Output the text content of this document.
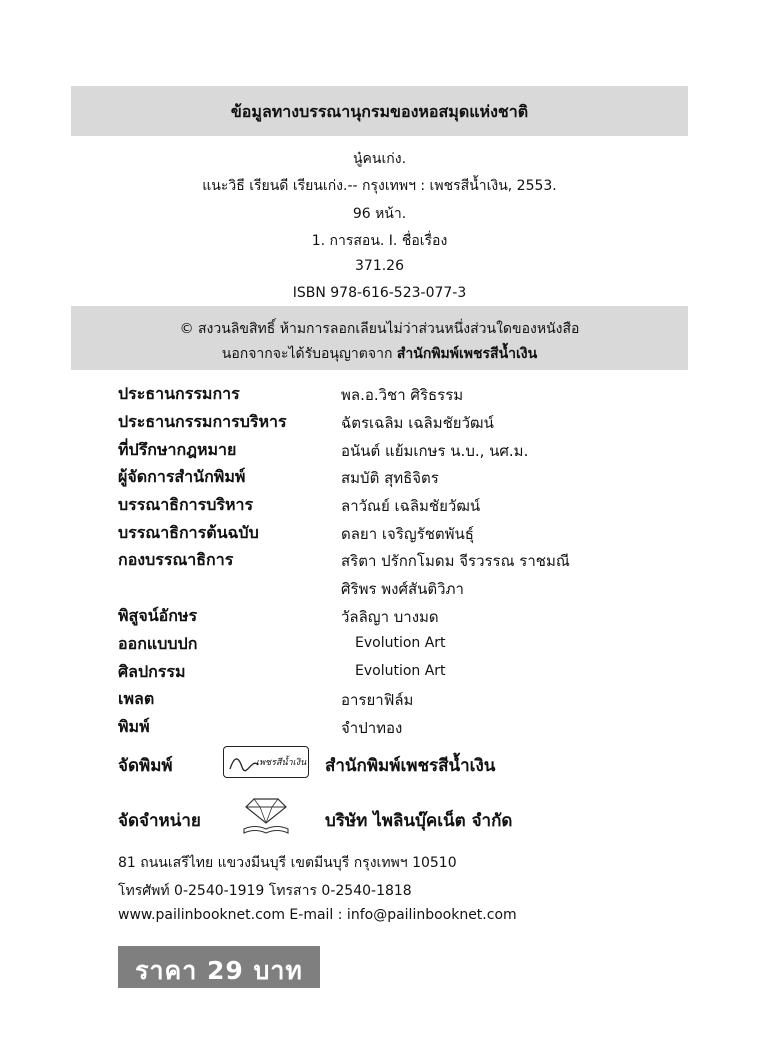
ข้อมูลทางบรรณานุกรมของหอสมุดแห่งชาติ
นู๋คนเก่ง.
แนะวิธี เรียนดี เรียนเก่ง.-- กรุงเทพฯ : เพชรสีน้ำเงิน, 2553.
96 หน้า.
1. การสอน. I. ชื่อเรื่อง
371.26
ISBN 978-616-523-077-3
© สงวนลิขสิทธิ์ ห้ามการลอกเลียนไม่ว่าส่วนหนึ่งส่วนใดของหนังสือ
นอกจากจะได้รับอนุญาตจาก สำนักพิมพ์เพชรสีน้ำเงิน
ประธานกรรมการ	พล.อ.วิชา ศิริธรรม
ประธานกรรมการบริหาร	ฉัตรเฉลิม เฉลิมชัยวัฒน์
ที่ปรึกษากฎหมาย	อนันต์ แย้มเกษร น.บ., นศ.ม.
ผู้จัดการสำนักพิมพ์	สมบัติ สุทธิจิตร
บรรณาธิการบริหาร	ลาวัณย์ เฉลิมชัยวัฒน์
บรรณาธิการต้นฉบับ	ดลยา เจริญรัชตพันธุ์
กองบรรณาธิการ	สริตา ปรักกโมดม จีรวรรณ ราชมณี
ศิริพร พงศ์สันติวิภา
พิสูจน์อักษร	วัลลิญา บางมด
ออกแบบปก	Evolution Art
ศิลปกรรม	Evolution Art
เพลต	อารยาฟิล์ม
พิมพ์	จำปาทอง
จัดพิมพ์	เพชรสีน้ำเงิน สำนักพิมพ์เพชรสีน้ำเงิน
จัดจำหน่าย	บริษัท ไพลินบุ๊คเน็ต จำกัด
81 ถนนเสรีไทย แขวงมีนบุรี เขตมีนบุรี กรุงเทพฯ 10510
โทรศัพท์ 0-2540-1919 โทรสาร 0-2540-1818
www.pailinbooknet.com E-mail : info@pailinbooknet.com
ราคา 29 บาท
